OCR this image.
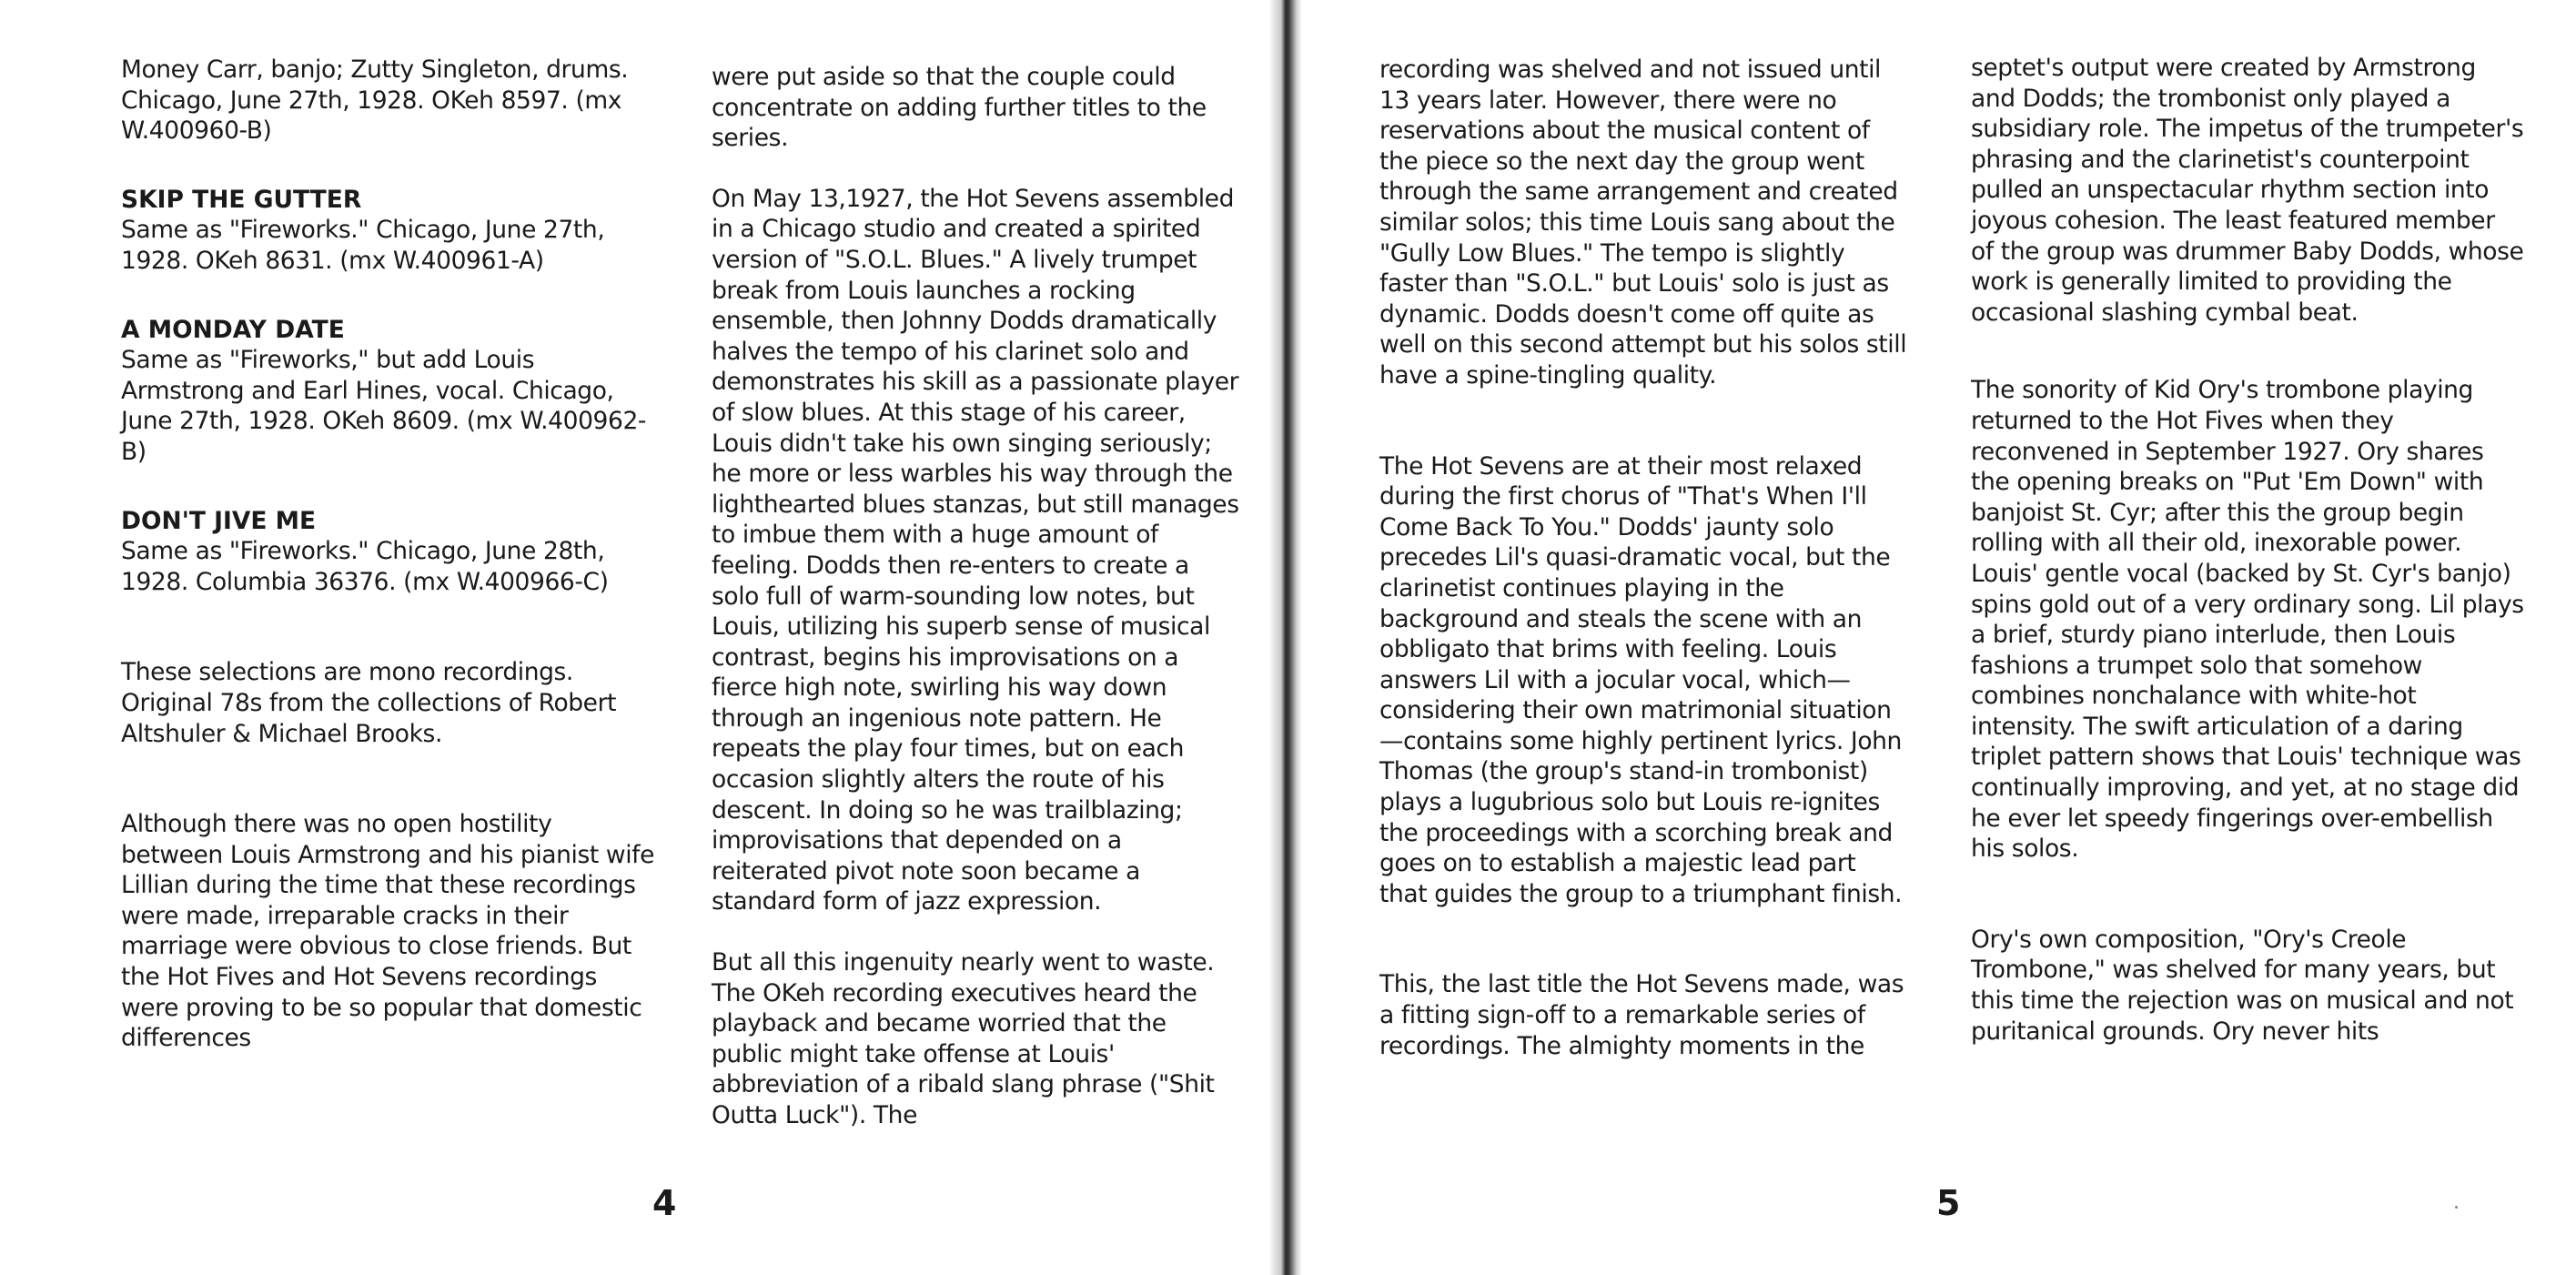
Money Carr, banjo; Zutty Singleton, drums. Chicago, June 27th, 1928. OKeh 8597. (mx W.400960-B)

SKIP THE GUTTER

Same as "Fireworks." Chicago, June 27th, 1928. OKeh 8631. (mx W.400961-A)

A MONDAY DATE

Same as "Fireworks," but add Louis Armstrong and Earl Hines, vocal. Chicago, June 27th, 1928. OKeh 8609. (mx W.400962-B)

DON'T JIVE ME

Same as "Fireworks." Chicago, June 28th, 1928. Columbia 36376. (mx W.400966-C)

These selections are mono recordings. Original 78s from the collections of Robert Altshuler & Michael Brooks.

Although there was no open hostility between Louis Armstrong and his pianist wife Lillian during the time that these recordings were made, irreparable cracks in their marriage were obvious to close friends. But the Hot Fives and Hot Sevens recordings were proving to be so popular that domestic differences

were put aside so that the couple could concentrate on adding further titles to the series.

On May 13,1927, the Hot Sevens assembled in a Chicago studio and created a spirited version of "S.O.L. Blues." A lively trumpet break from Louis launches a rocking ensemble, then Johnny Dodds dramatically halves the tempo of his clarinet solo and demonstrates his skill as a passionate player of slow blues. At this stage of his career, Louis didn't take his own singing seriously; he more or less warbles his way through the lighthearted blues stanzas, but still manages to imbue them with a huge amount of feeling. Dodds then re-enters to create a solo full of warm-sounding low notes, but Louis, utilizing his superb sense of musical contrast, begins his improvisations on a fierce high note, swirling his way down through an ingenious note pattern. He repeats the play four times, but on each occasion slightly alters the route of his descent. In doing so he was trailblazing; improvisations that depended on a reiterated pivot note soon became a standard form of jazz expression.

But all this ingenuity nearly went to waste. The OKeh recording executives heard the playback and became worried that the public might take offense at Louis' abbreviation of a ribald slang phrase ("Shit Outta Luck"). The

4

recording was shelved and not issued until 13 years later. However, there were no reservations about the musical content of the piece so the next day the group went through the same arrangement and created similar solos; this time Louis sang about the "Gully Low Blues." The tempo is slightly faster than "S.O.L." but Louis' solo is just as dynamic. Dodds doesn't come off quite as well on this second attempt but his solos still have a spine-tingling quality.

The Hot Sevens are at their most relaxed during the first chorus of "That's When I'll Come Back To You." Dodds' jaunty solo precedes Lil's quasi-dramatic vocal, but the clarinetist continues playing in the background and steals the scene with an obbligato that brims with feeling. Louis answers Lil with a jocular vocal, which—considering their own matrimonial situation—contains some highly pertinent lyrics. John Thomas (the group's stand-in trombonist) plays a lugubrious solo but Louis re-ignites the proceedings with a scorching break and goes on to establish a majestic lead part that guides the group to a triumphant finish.

This, the last title the Hot Sevens made, was a fitting sign-off to a remarkable series of recordings. The almighty moments in the

septet's output were created by Armstrong and Dodds; the trombonist only played a subsidiary role. The impetus of the trumpeter's phrasing and the clarinetist's counterpoint pulled an unspectacular rhythm section into joyous cohesion. The least featured member of the group was drummer Baby Dodds, whose work is generally limited to providing the occasional slashing cymbal beat.

The sonority of Kid Ory's trombone playing returned to the Hot Fives when they reconvened in September 1927. Ory shares the opening breaks on "Put 'Em Down" with banjoist St. Cyr; after this the group begin rolling with all their old, inexorable power. Louis' gentle vocal (backed by St. Cyr's banjo) spins gold out of a very ordinary song. Lil plays a brief, sturdy piano interlude, then Louis fashions a trumpet solo that somehow combines nonchalance with white-hot intensity. The swift articulation of a daring triplet pattern shows that Louis' technique was continually improving, and yet, at no stage did he ever let speedy fingerings over-embellish his solos.

Ory's own composition, "Ory's Creole Trombone," was shelved for many years, but this time the rejection was on musical and not puritanical grounds. Ory never hits

5
